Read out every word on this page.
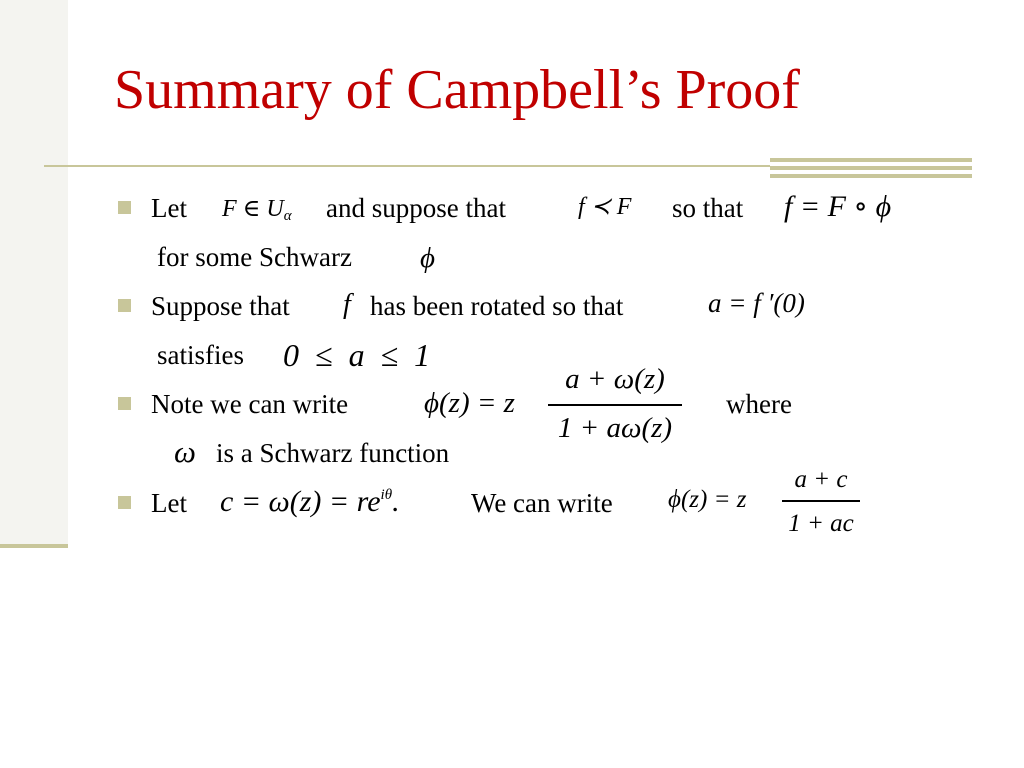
Summary of Campbell’s Proof
Let F ∈ $U_\alpha$ and suppose that	f ≺ F so that f = F ∘ ϕ
for some Schwarz ϕ
Suppose that f has been rotated so that	a = f ′(0)
satisfies 0  ≤  a  ≤  1
Note we can write	ϕ(z) = z
a + ω(z)
1 + aω(z)
where
ω is a Schwarz function
Let $c = \omega(z) = re^{i\theta}$.	We can write ϕ(z) = z
a + c
1 + ac
